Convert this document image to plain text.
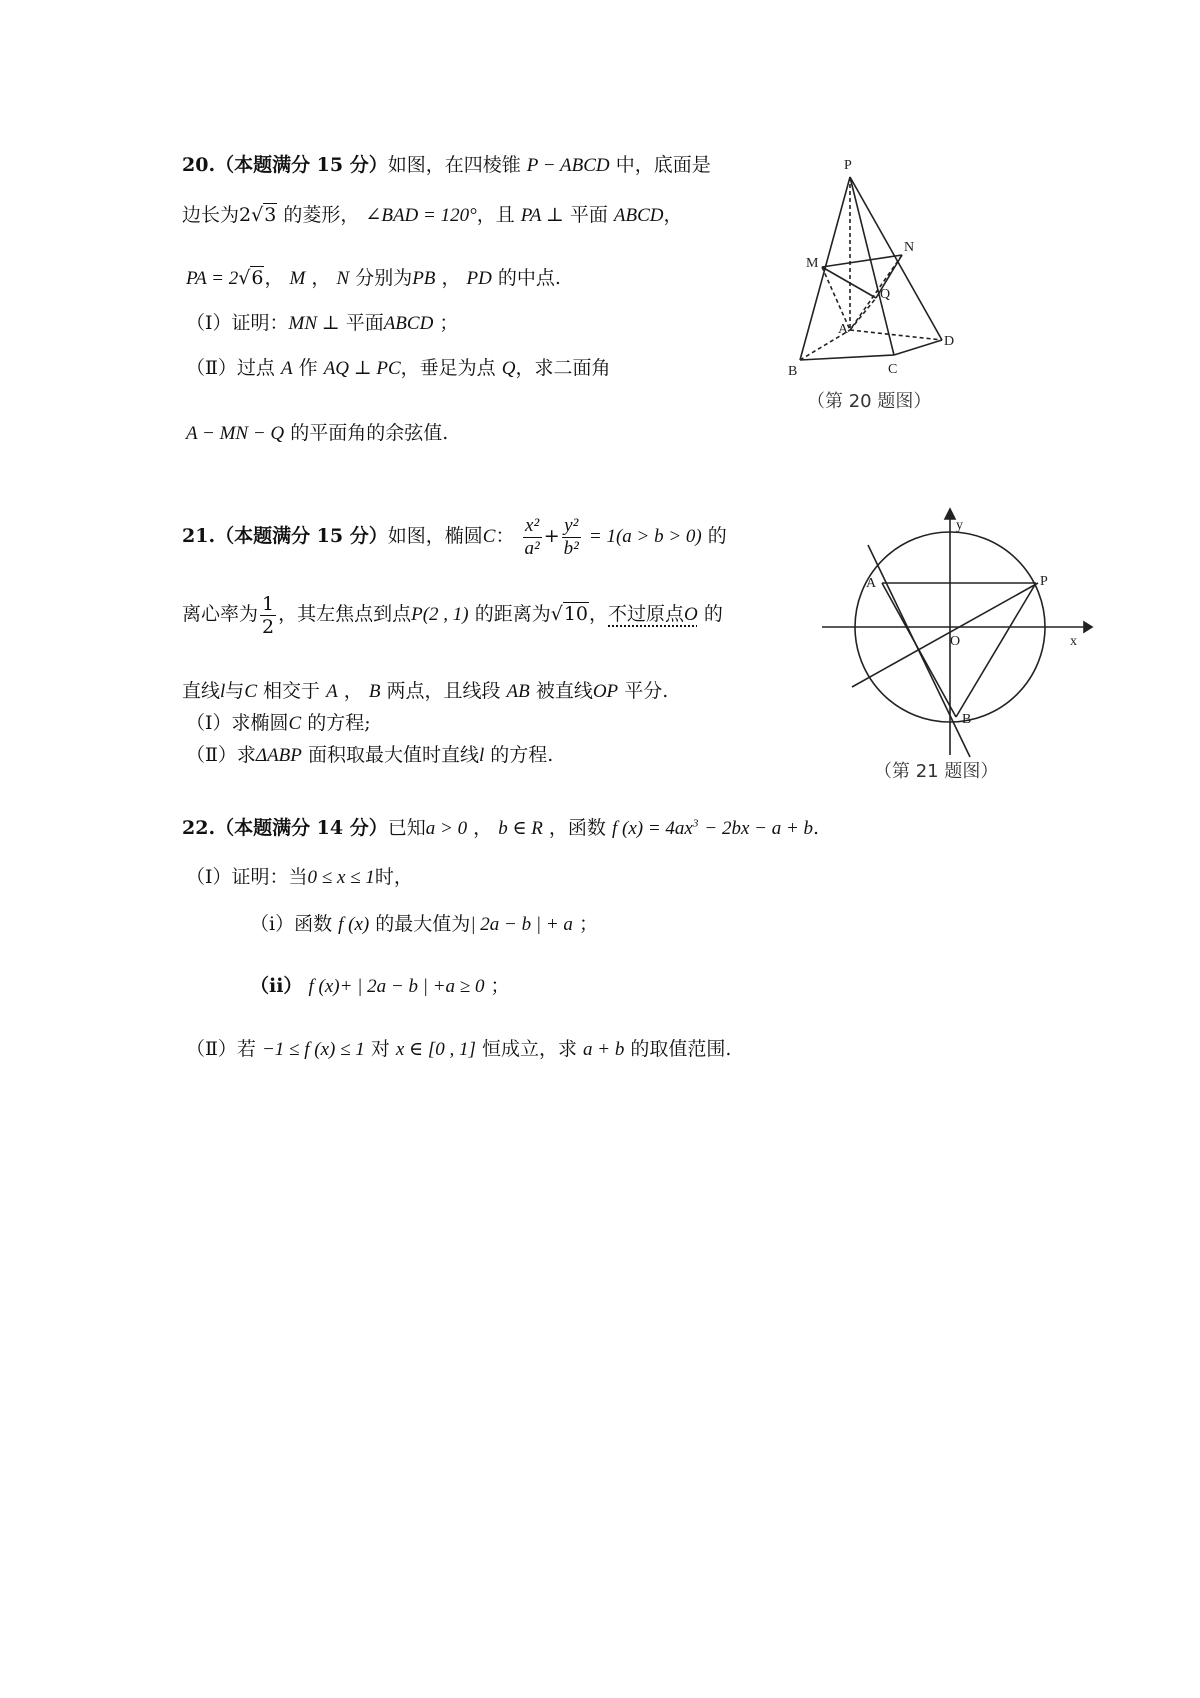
20.（本题满分 15 分）如图，在四棱锥 P − ABCD 中，底面是
边长为2√3 的菱形， ∠BAD = 120°，且 PA ⊥ 平面 ABCD，
PA = 2√6， M ， N 分别为PB ， PD 的中点.
（Ⅰ）证明：MN ⊥ 平面ABCD ；
（Ⅱ）过点 A 作 AQ ⊥ PC，垂足为点 Q，求二面角
A − MN − Q 的平面角的余弦值.
P
M
N
Q
A
B	C
D
（第 20 题图）
21.（本题满分 15 分）如图，椭圆C： $\frac{\text{x²}}{\text{a²}} + \frac{\text{y²}}{\text{b²}} = 1(a > b > 0)$ 的
离心率为 $\frac{1}{2}$ ，其左焦点到点P(2 , 1) 的距离为√10，不过原点O 的
直线l与C 相交于 A ， B 两点，且线段 AB 被直线OP 平分.
（Ⅰ）求椭圆C 的方程;
（Ⅱ）求ΔABP 面积取最大值时直线l 的方程.
y
x
O
A	P
B
（第 21 题图）
22.（本题满分 14 分）已知a > 0 ， b ∈ R ，函数 f $(x) = 4ax^3 - 2bx - a + b$.
（Ⅰ）证明：当0 ≤ x ≤ 1时，
（i）函数 f (x) 的最大值为| 2a − b | + a ；
（ii） f (x)+ | 2a − b | +a ≥ 0 ；
（Ⅱ）若 −1 ≤ f (x) ≤ 1 对 x ∈ [0 , 1] 恒成立，求 a + b 的取值范围.
